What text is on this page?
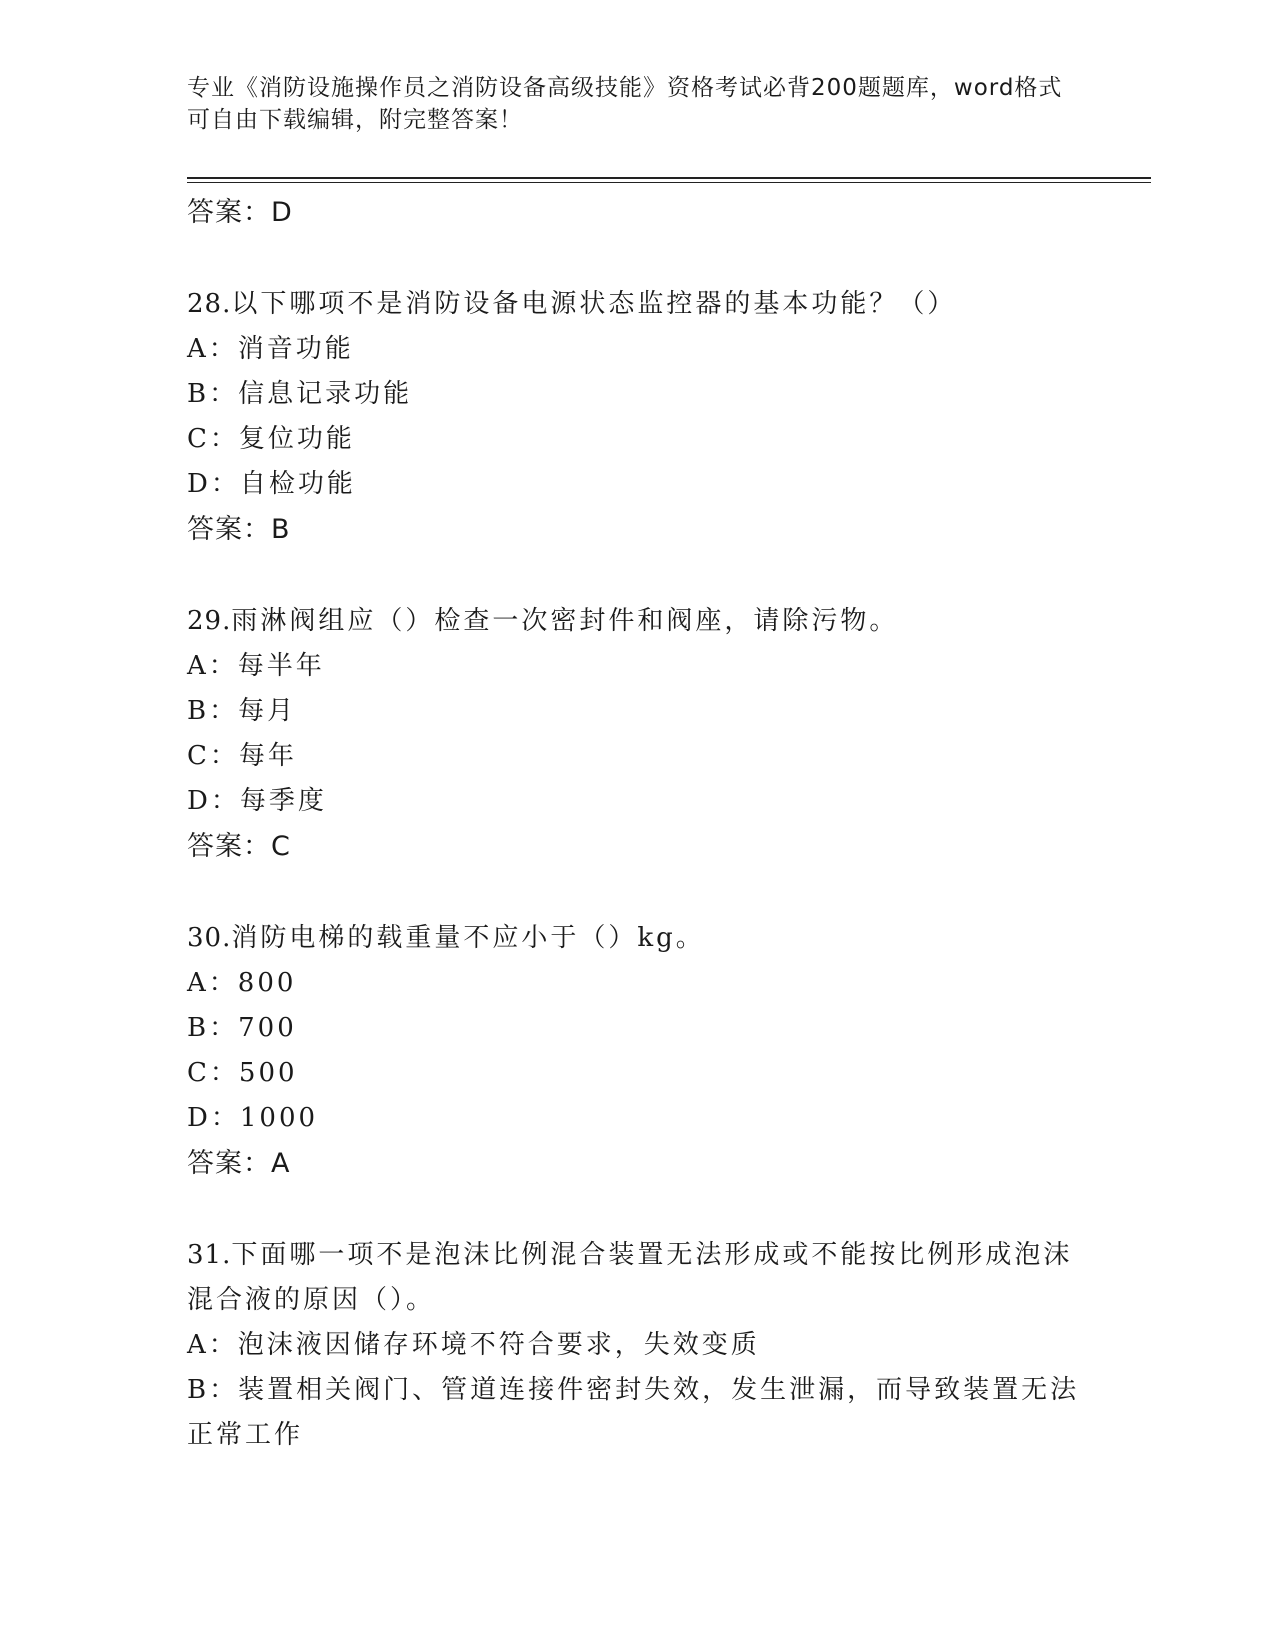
专业《消防设施操作员之消防设备高级技能》资格考试必背200题题库，word格式可自由下载编辑，附完整答案！

答案：D

28.以下哪项不是消防设备电源状态监控器的基本功能？（）

A：消音功能

B：信息记录功能

C：复位功能

D：自检功能

答案：B

29.雨淋阀组应（）检查一次密封件和阀座，请除污物。

A：每半年

B：每月

C：每年

D：每季度

答案：C

30.消防电梯的载重量不应小于（）kg。

A：800

B：700

C：500

D：1000

答案：A

31.下面哪一项不是泡沫比例混合装置无法形成或不能按比例形成泡沫混合液的原因（）。

A：泡沫液因储存环境不符合要求，失效变质

B：装置相关阀门、管道连接件密封失效，发生泄漏，而导致装置无法正常工作
